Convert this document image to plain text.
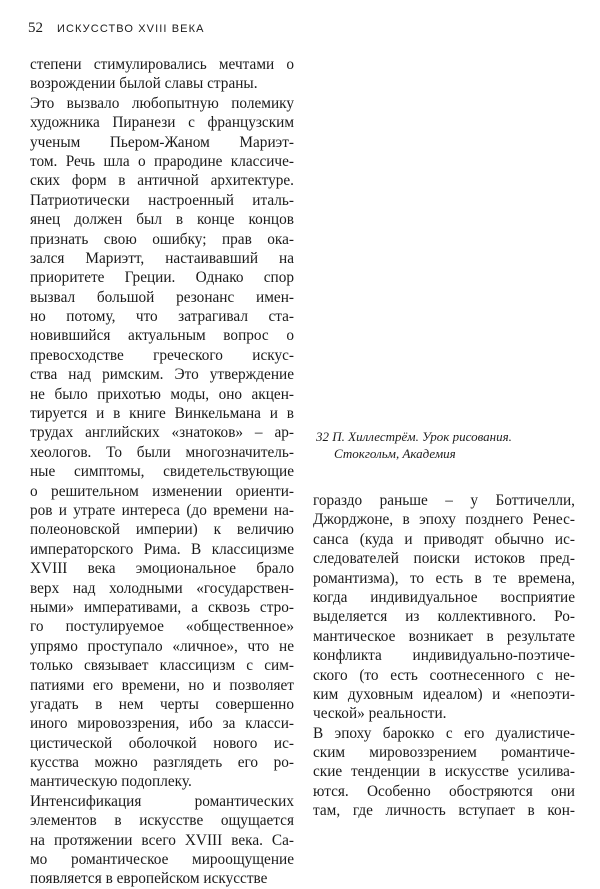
52 ИСКУССТВО XVIII ВЕКА
степени стимулировались мечтами о
возрождении былой славы страны.
Это вызвало любопытную полемику
художника Пиранези с французским
ученым Пьером-Жаном Мариэт-
том. Речь шла о прародине классиче-
ских форм в античной архитектуре.
Патриотически настроенный италь-
янец должен был в конце концов
признать свою ошибку; прав ока-
зался Мариэтт, настаивавший на
приоритете Греции. Однако спор
вызвал большой резонанс имен-
но потому, что затрагивал ста-
новившийся актуальным вопрос о
превосходстве греческого искус-
ства над римским. Это утверждение
не было прихотью моды, оно акцен-
тируется и в книге Винкельмана и в
трудах английских «знатоков» – ар-
хеологов. То были многозначитель-
ные симптомы, свидетельствующие
о решительном изменении ориенти-
ров и утрате интереса (до времени на-
полеоновской империи) к величию
императорского Рима. В классицизме
XVIII века эмоциональное брало
верх над холодными «государствен-
ными» императивами, а сквозь стро-
го постулируемое «общественное»
упрямо проступало «личное», что не
только связывает классицизм с сим-
патиями его времени, но и позволяет
угадать в нем черты совершенно
иного мировоззрения, ибо за класси-
цистической оболочкой нового ис-
кусства можно разглядеть его ро-
мантическую подоплеку.
Интенсификация романтических
элементов в искусстве ощущается
на протяжении всего XVIII века. Са-
мо романтическое мироощущение
появляется в европейском искусстве
32 П. Хиллестрём. Урок рисования.
Стокгольм, Академия
гораздо раньше – у Боттичелли,
Джорджоне, в эпоху позднего Ренес-
санса (куда и приводят обычно ис-
следователей поиски истоков пред-
романтизма), то есть в те времена,
когда индивидуальное восприятие
выделяется из коллективного. Ро-
мантическое возникает в результате
конфликта индивидуально-поэтиче-
ского (то есть соотнесенного с не-
ким духовным идеалом) и «непоэти-
ческой» реальности.
В эпоху барокко с его дуалистиче-
ским мировоззрением романтиче-
ские тенденции в искусстве усилива-
ются. Особенно обостряются они
там, где личность вступает в кон-
